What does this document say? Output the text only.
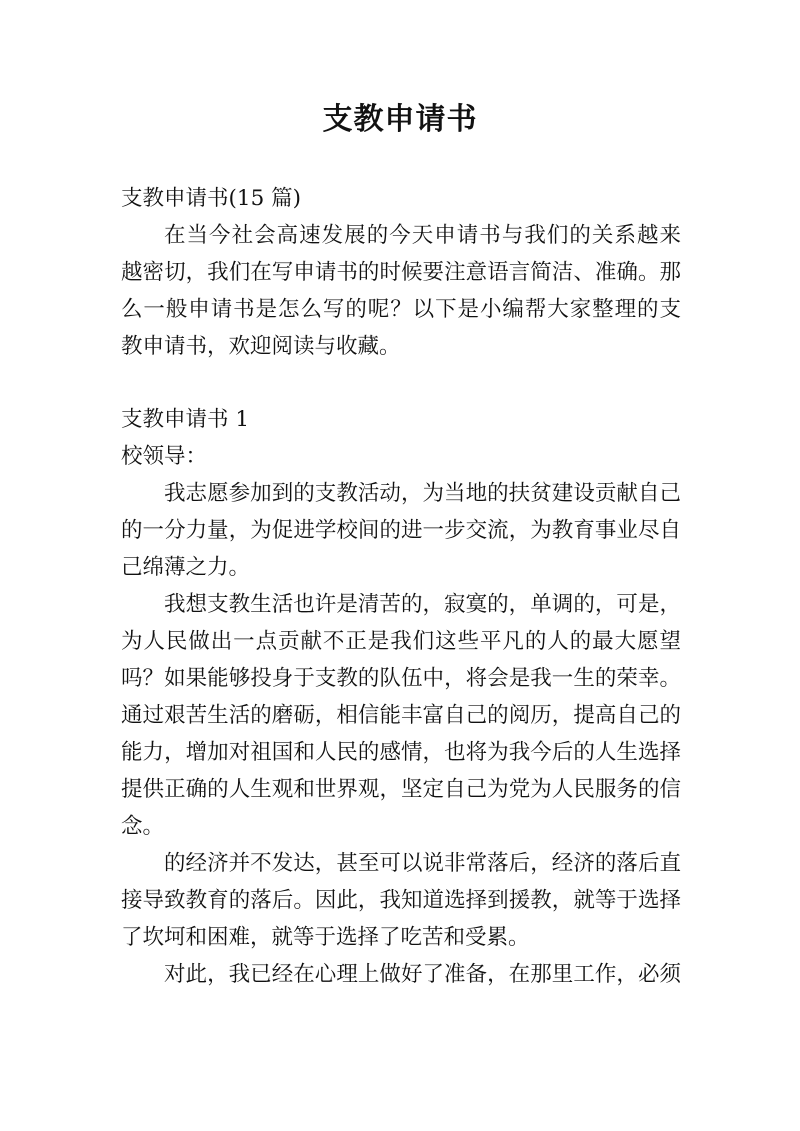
支教申请书

支教申请书(15 篇)

在当今社会高速发展的今天申请书与我们的关系越来

越密切，我们在写申请书的时候要注意语言简洁、准确。那

么一般申请书是怎么写的呢？以下是小编帮大家整理的支

教申请书，欢迎阅读与收藏。

支教申请书 1

校领导：

我志愿参加到的支教活动，为当地的扶贫建设贡献自己

的一分力量，为促进学校间的进一步交流，为教育事业尽自

己绵薄之力。

我想支教生活也许是清苦的，寂寞的，单调的，可是，

为人民做出一点贡献不正是我们这些平凡的人的最大愿望

吗？如果能够投身于支教的队伍中，将会是我一生的荣幸。

通过艰苦生活的磨砺，相信能丰富自己的阅历，提高自己的

能力，增加对祖国和人民的感情，也将为我今后的人生选择

提供正确的人生观和世界观，坚定自己为党为人民服务的信

念。

的经济并不发达，甚至可以说非常落后，经济的落后直

接导致教育的落后。因此，我知道选择到援教，就等于选择

了坎坷和困难，就等于选择了吃苦和受累。

对此，我已经在心理上做好了准备，在那里工作，必须
